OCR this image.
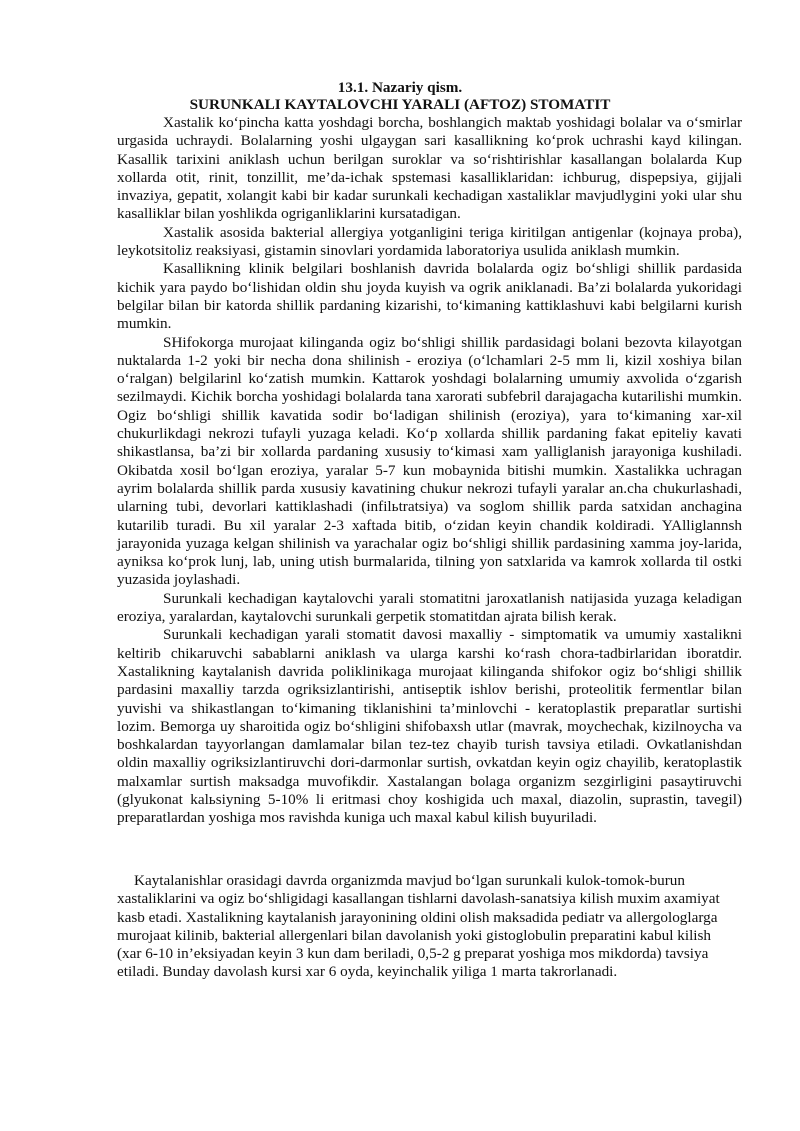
13.1. Nazariy qism.
SURUNKALI KAYTALOVCHI YARALI (AFTOZ) STOMATIT

Xastalik ko‘pincha katta yoshdagi borcha, boshlangich maktab yoshidagi bolalar va o‘smirlar urgasida uchraydi. Bolalarning yoshi ulgaygan sari kasallikning ko‘prok uchrashi kayd kilingan. Kasallik tarixini aniklash uchun berilgan suroklar va so‘rishtirishlar kasallangan bolalarda Kup xollarda otit, rinit, tonzillit, me’da-ichak spstemasi kasalliklaridan: ichburug, dispepsiya, gijjali invaziya, gepatit, xolangit kabi bir kadar surunkali kechadigan xastaliklar mavjudlygini yoki ular shu kasalliklar bilan yoshlikda ogriganliklarini kursatadigan.

Xastalik asosida bakterial allergiya yotganligini teriga kiritilgan antigenlar (kojnaya proba), leykotsitoliz reaksiyasi, gistamin sinovlari yordamida laboratoriya usulida aniklash mumkin.

Kasallikning klinik belgilari boshlanish davrida bolalarda ogiz bo‘shligi shillik pardasida kichik yara paydo bo‘lishidan oldin shu joyda kuyish va ogrik aniklanadi. Ba’zi bolalarda yukoridagi belgilar bilan bir katorda shillik pardaning kizarishi, to‘kimaning kattiklashuvi kabi belgilarni kurish mumkin.

SHifokorga murojaat kilinganda ogiz bo‘shligi shillik pardasidagi bolani bezovta kilayotgan nuktalarda 1-2 yoki bir necha dona shilinish - eroziya (o‘lchamlari 2-5 mm li, kizil xoshiya bilan o‘ralgan) belgilarinl ko‘zatish mumkin. Kattarok yoshdagi bolalarning umumiy axvolida o‘zgarish sezilmaydi. Kichik borcha yoshidagi bolalarda tana xarorati subfebril darajagacha kutarilishi mumkin. Ogiz bo‘shligi shillik kavatida sodir bo‘ladigan shilinish (eroziya), yara to‘kimaning xar-xil chukurlikdagi nekrozi tufayli yuzaga keladi. Ko‘p xollarda shillik pardaning fakat epiteliy kavati shikastlansa, ba’zi bir xollarda pardaning xususiy to‘kimasi xam yalliglanish jarayoniga kushiladi. Okibatda xosil bo‘lgan eroziya, yaralar 5-7 kun mobaynida bitishi mumkin. Xastalikka uchragan ayrim bolalarda shillik parda xususiy kavatining chukur nekrozi tufayli yaralar an.cha chukurlashadi, ularning tubi, devorlari kattiklashadi (infilьtratsiya) va soglom shillik parda satxidan anchagina kutarilib turadi. Bu xil yaralar 2-3 xaftada bitib, o‘zidan keyin chandik koldiradi. YAlliglannsh jarayonida yuzaga kelgan shilinish va yarachalar ogiz bo‘shligi shillik pardasining xamma joy-larida, ayniksa ko‘prok lunj, lab, uning utish burmalarida, tilning yon satxlarida va kamrok xollarda til ostki yuzasida joylashadi.

Surunkali kechadigan kaytalovchi yarali stomatitni jaroxatlanish natijasida yuzaga keladigan eroziya, yaralardan, kaytalovchi surunkali gerpetik stomatitdan ajrata bilish kerak.

Surunkali kechadigan yarali stomatit davosi maxalliy - simptomatik va umumiy xastalikni keltirib chikaruvchi sabablarni aniklash va ularga karshi ko‘rash chora-tadbirlaridan iboratdir. Xastalikning kaytalanish davrida poliklinikaga murojaat kilinganda shifokor ogiz bo‘shligi shillik pardasini maxalliy tarzda ogriksizlantirishi, antiseptik ishlov berishi, proteolitik fermentlar bilan yuvishi va shikastlangan to‘kimaning tiklanishini ta’minlovchi - keratoplastik preparatlar surtishi lozim. Bemorga uy sharoitida ogiz bo‘shligini shifobaxsh utlar (mavrak, moychechak, kizilnoycha va boshkalardan tayyorlangan damlamalar bilan tez-tez chayib turish tavsiya etiladi. Ovkatlanishdan oldin maxalliy ogriksizlantiruvchi dori-darmonlar surtish, ovkatdan keyin ogiz chayilib, keratoplastik malxamlar surtish maksadga muvofikdir. Xastalangan bolaga organizm sezgirligini pasaytiruvchi (glyukonat kalьsiyning 5-10% li eritmasi choy koshigida uch maxal, diazolin, suprastin, tavegil) preparatlardan yoshiga mos ravishda kuniga uch maxal kabul kilish buyuriladi.

Kaytalanishlar orasidagi davrda organizmda mavjud bo‘lgan surunkali kulok-tomok-burun xastaliklarini va ogiz bo‘shligidagi kasallangan tishlarni davolash-sanatsiya kilish muxim axamiyat kasb etadi. Xastalikning kaytalanish jarayonining oldini olish maksadida pediatr va allergologlarga murojaat kilinib, bakterial allergenlari bilan davolanish yoki gistoglobulin preparatini kabul kilish (xar 6-10 in’eksiyadan keyin 3 kun dam beriladi, 0,5-2 g preparat yoshiga mos mikdorda) tavsiya etiladi. Bunday davolash kursi xar 6 oyda, keyinchalik yiliga 1 marta takrorlanadi.
